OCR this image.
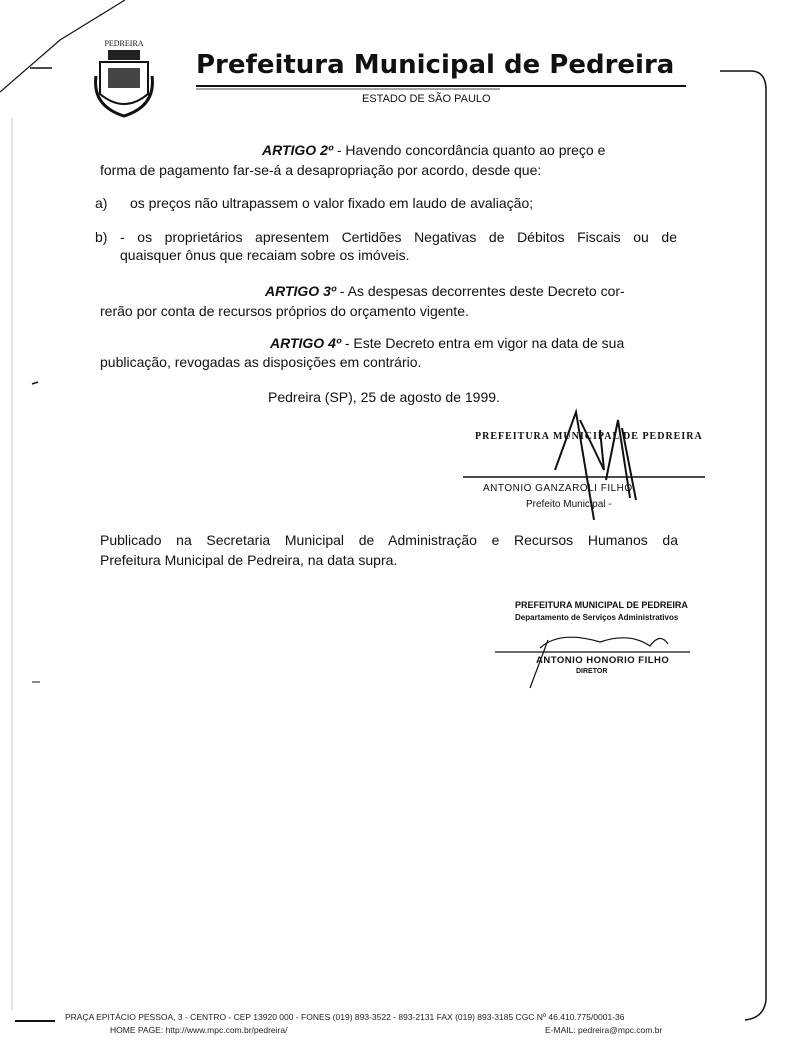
PEDREIRA
Prefeitura Municipal de Pedreira
ESTADO DE SÃO PAULO
ARTIGO 2º - Havendo concordância quanto ao preço e
forma de pagamento far-se-á a desapropriação por acordo, desde que:
a) os preços não ultrapassem o valor fixado em laudo de avaliação;
b) - os proprietários apresentem Certidões Negativas de Débitos Fiscais ou de
quaisquer ônus que recaiam sobre os imóveis.
ARTIGO 3º - As despesas decorrentes deste Decreto cor-
rerão por conta de recursos próprios do orçamento vigente.
ARTIGO 4º - Este Decreto entra em vigor na data de sua
publicação, revogadas as disposições em contrário.
Pedreira (SP), 25 de agosto de 1999.
PREFEITURA MUNICIPAL DE PEDREIRA
ANTONIO GANZAROLI FILHO
Prefeito Municipal -
Publicado na Secretaria Municipal de Administração e Recursos Humanos da
Prefeitura Municipal de Pedreira, na data supra.
PREFEITURA MUNICIPAL DE PEDREIRA
Departamento de Serviços Administrativos
ANTONIO HONORIO FILHO
DIRETOR
PRAÇA EPITÁCIO PESSOA, 3 - CENTRO - CEP 13920 000 - FONES (019) 893-3522 - 893-2131 FAX (019) 893-3185 CGC Nº 46.410.775/0001-36
HOME PAGE: http://www.mpc.com.br/pedreira/	E-MAIL: pedreira@mpc.com.br
